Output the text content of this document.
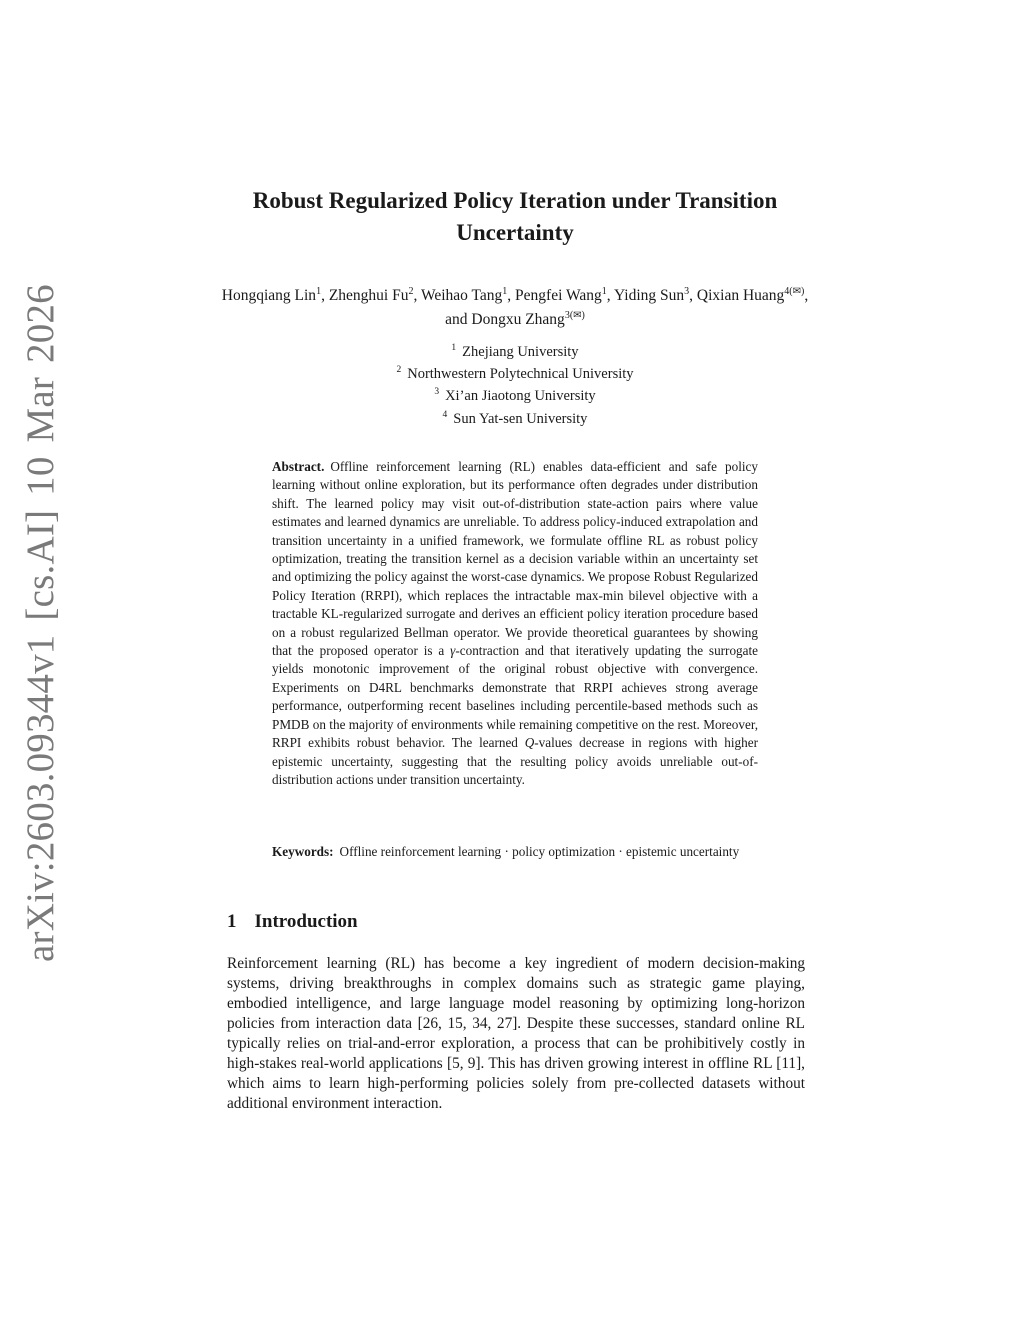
arXiv:2603.09344v1 [cs.AI] 10 Mar 2026
Robust Regularized Policy Iteration under Transition Uncertainty

Hongqiang Lin$^1$, Zhenghui Fu$^2$, Weihao Tang$^1$, Pengfei Wang$^1$, Yiding Sun$^3$, Qixian Huang$^{4(✉)}$, and Dongxu Zhang$^{3(✉)}$

$^1$ Zhejiang University
$^2$ Northwestern Polytechnical University
$^3$ Xi’an Jiaotong University
$^4$ Sun Yat-sen University

Abstract. Offline reinforcement learning (RL) enables data-efficient and safe policy learning without online exploration, but its performance often degrades under distribution shift. The learned policy may visit out-of-distribution state-action pairs where value estimates and learned dynamics are unreliable. To address policy-induced extrapolation and transition uncertainty in a unified framework, we formulate offline RL as robust policy optimization, treating the transition kernel as a decision variable within an uncertainty set and optimizing the policy against the worst-case dynamics. We propose Robust Regularized Policy Iteration (RRPI), which replaces the intractable max-min bilevel objective with a tractable KL-regularized surrogate and derives an efficient policy iteration procedure based on a robust regularized Bellman operator. We provide theoretical guarantees by showing that the proposed operator is a γ-contraction and that iteratively updating the surrogate yields monotonic improvement of the original robust objective with convergence. Experiments on D4RL benchmarks demonstrate that RRPI achieves strong average performance, outperforming recent baselines including percentile-based methods such as PMDB on the majority of environments while remaining competitive on the rest. Moreover, RRPI exhibits robust behavior. The learned Q-values decrease in regions with higher epistemic uncertainty, suggesting that the resulting policy avoids unreliable out-of-distribution actions under transition uncertainty.

Keywords: Offline reinforcement learning · policy optimization · epistemic uncertainty

1 Introduction

Reinforcement learning (RL) has become a key ingredient of modern decision-making systems, driving breakthroughs in complex domains such as strategic game playing, embodied intelligence, and large language model reasoning by optimizing long-horizon policies from interaction data [26, 15, 34, 27]. Despite these successes, standard online RL typically relies on trial-and-error exploration, a process that can be prohibitively costly in high-stakes real-world applications [5, 9]. This has driven growing interest in offline RL [11], which aims to learn high-performing policies solely from pre-collected datasets without additional environment interaction.
